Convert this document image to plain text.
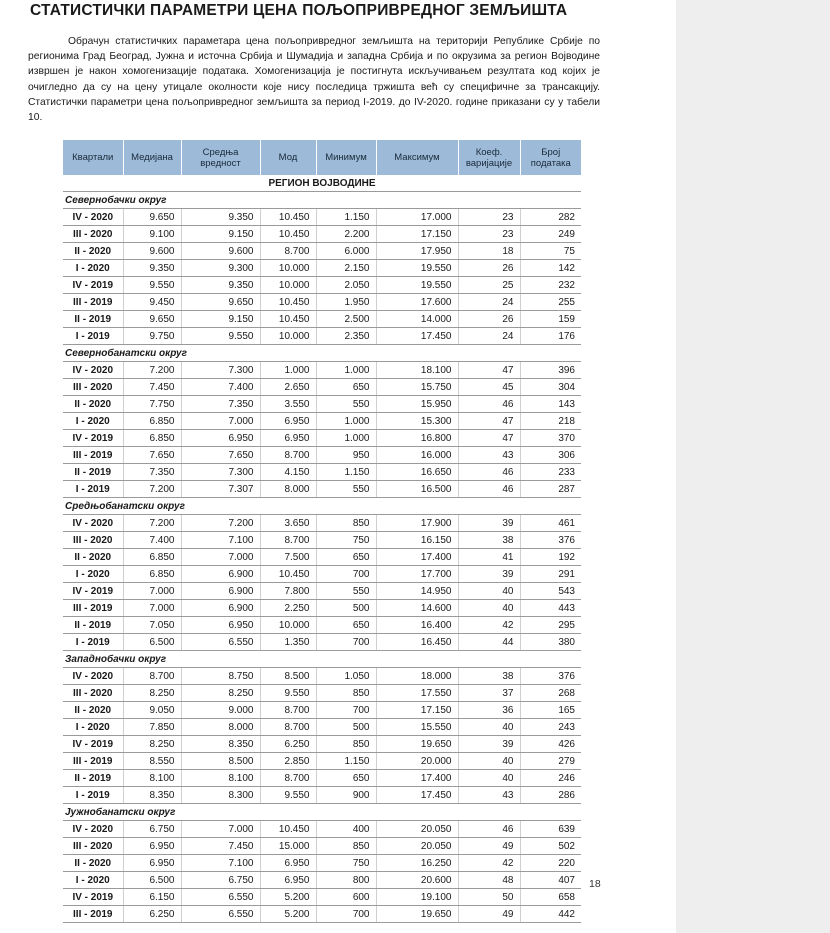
СТАТИСТИЧКИ ПАРАМЕТРИ ЦЕНА ПОЉОПРИВРЕДНОГ ЗЕМЉИШТА

Обрачун статистичких параметара цена пољопривредног земљишта на територији Републике Србије по регионима Град Београд, Јужна и источна Србија и Шумадија и западна Србија и по окрузима за регион Војводине извршен је након хомогенизације података. Хомогенизација је постигнута искључивањем резултата код којих је очигледно да су на цену утицале околности које нису последица тржишта већ су специфичне за трансакцију. Статистички параметри цена пољопривредног земљишта за период I-2019. до IV-2020. године приказани су у табели 10.

Квартали	Медијана	Средња вредност	Мод	Минимум	Максимум	Коеф. варијације	Број података
РЕГИОН ВОЈВОДИНЕ							
Севернобачки округ							
IV - 2020	9.650	9.350	10.450	1.150	17.000	23	282
III - 2020	9.100	9.150	10.450	2.200	17.150	23	249
II - 2020	9.600	9.600	8.700	6.000	17.950	18	75
I - 2020	9.350	9.300	10.000	2.150	19.550	26	142
IV - 2019	9.550	9.350	10.000	2.050	19.550	25	232
III - 2019	9.450	9.650	10.450	1.950	17.600	24	255
II - 2019	9.650	9.150	10.450	2.500	14.000	26	159
I - 2019	9.750	9.550	10.000	2.350	17.450	24	176
Севернобанатски округ							
IV - 2020	7.200	7.300	1.000	1.000	18.100	47	396
III - 2020	7.450	7.400	2.650	650	15.750	45	304
II - 2020	7.750	7.350	3.550	550	15.950	46	143
I - 2020	6.850	7.000	6.950	1.000	15.300	47	218
IV - 2019	6.850	6.950	6.950	1.000	16.800	47	370
III - 2019	7.650	7.650	8.700	950	16.000	43	306
II - 2019	7.350	7.300	4.150	1.150	16.650	46	233
I - 2019	7.200	7.307	8.000	550	16.500	46	287
Средњобанатски округ							
IV - 2020	7.200	7.200	3.650	850	17.900	39	461
III - 2020	7.400	7.100	8.700	750	16.150	38	376
II - 2020	6.850	7.000	7.500	650	17.400	41	192
I - 2020	6.850	6.900	10.450	700	17.700	39	291
IV - 2019	7.000	6.900	7.800	550	14.950	40	543
III - 2019	7.000	6.900	2.250	500	14.600	40	443
II - 2019	7.050	6.950	10.000	650	16.400	42	295
I - 2019	6.500	6.550	1.350	700	16.450	44	380
Западнобачки округ							
IV - 2020	8.700	8.750	8.500	1.050	18.000	38	376
III - 2020	8.250	8.250	9.550	850	17.550	37	268
II - 2020	9.050	9.000	8.700	700	17.150	36	165
I - 2020	7.850	8.000	8.700	500	15.550	40	243
IV - 2019	8.250	8.350	6.250	850	19.650	39	426
III - 2019	8.550	8.500	2.850	1.150	20.000	40	279
II - 2019	8.100	8.100	8.700	650	17.400	40	246
I - 2019	8.350	8.300	9.550	900	17.450	43	286
Јужнобанатски округ							
IV - 2020	6.750	7.000	10.450	400	20.050	46	639
III - 2020	6.950	7.450	15.000	850	20.050	49	502
II - 2020	6.950	7.100	6.950	750	16.250	42	220
I - 2020	6.500	6.750	6.950	800	20.600	48	407
IV - 2019	6.150	6.550	5.200	600	19.100	50	658
III - 2019	6.250	6.550	5.200	700	19.650	49	442
18
